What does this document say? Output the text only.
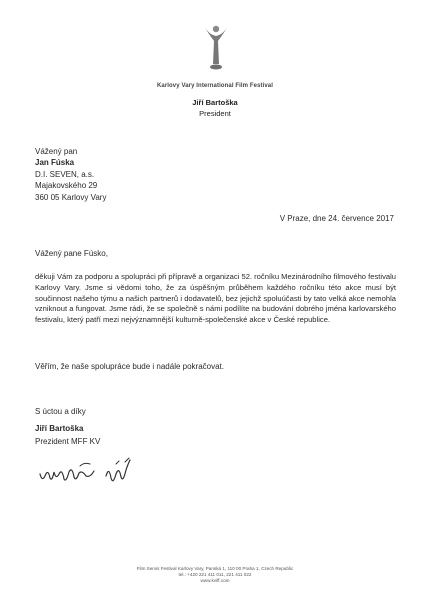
Karlovy Vary International Film Festival
Jiří Bartoška
President
Vážený pan
Jan Fúska
D.I. SEVEN, a.s.
Majakovského 29
360 05 Karlovy Vary
V Praze, dne 24. července 2017
Vážený pane Fúsko,
děkuji Vám za podporu a spolupráci při přípravě a organizaci 52. ročníku Mezinárodního filmového festivalu Karlovy Vary. Jsme si vědomi toho, že za úspěšným průběhem každého ročníku této akce musí být součinnost našeho týmu a našich partnerů i dodavatelů, bez jejichž spoluúčasti by tato velká akce nemohla vzniknout a fungovat. Jsme rádi, že se společně s námi podílíte na budování dobrého jména karlovarského festivalu, který patří mezi nejvýznamnější kulturně-společenské akce v České republice.
Věřím, že naše spolupráce bude i nadále pokračovat.
S úctou a díky
Jiří Bartoška
Prezident MFF KV
Film Servis Festival Karlovy Vary, Panská 1, 110 00 Praha 1, Czech Republic
tel.: +420 221 411 011, 221 411 022
www.kviff.com
